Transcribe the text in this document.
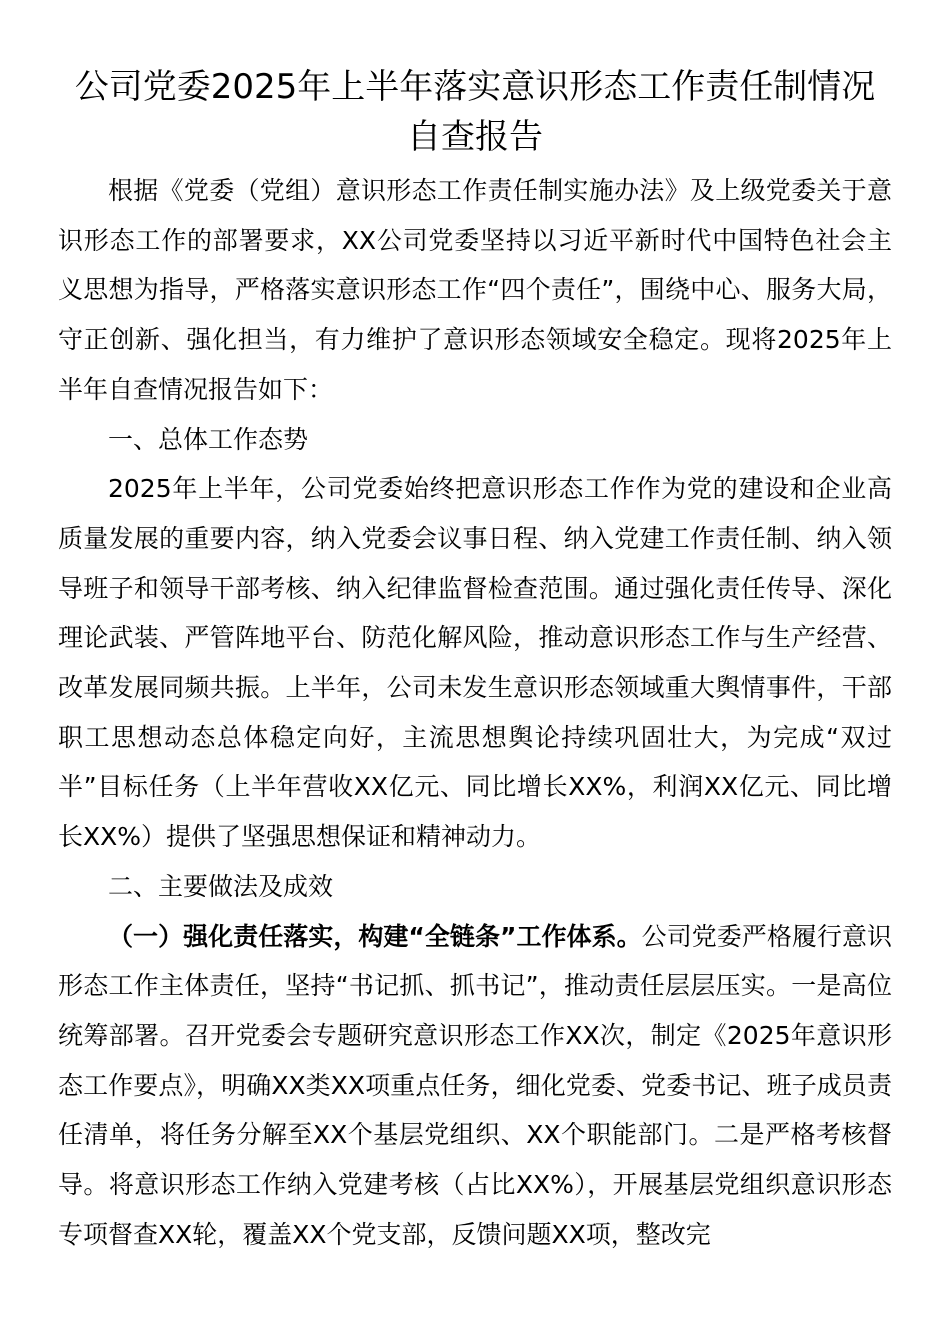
公司党委2025年上半年落实意识形态工作责任制情况自查报告

根据《党委（党组）意识形态工作责任制实施办法》及上级党委关于意识形态工作的部署要求，XX公司党委坚持以习近平新时代中国特色社会主义思想为指导，严格落实意识形态工作“四个责任”，围绕中心、服务大局，守正创新、强化担当，有力维护了意识形态领域安全稳定。现将2025年上半年自查情况报告如下：

一、总体工作态势

2025年上半年，公司党委始终把意识形态工作作为党的建设和企业高质量发展的重要内容，纳入党委会议事日程、纳入党建工作责任制、纳入领导班子和领导干部考核、纳入纪律监督检查范围。通过强化责任传导、深化理论武装、严管阵地平台、防范化解风险，推动意识形态工作与生产经营、改革发展同频共振。上半年，公司未发生意识形态领域重大舆情事件，干部职工思想动态总体稳定向好，主流思想舆论持续巩固壮大，为完成“双过半”目标任务（上半年营收XX亿元、同比增长XX%，利润XX亿元、同比增长XX%）提供了坚强思想保证和精神动力。

二、主要做法及成效

（一）强化责任落实，构建“全链条”工作体系。公司党委严格履行意识形态工作主体责任，坚持“书记抓、抓书记”，推动责任层层压实。一是高位统筹部署。召开党委会专题研究意识形态工作XX次，制定《2025年意识形态工作要点》，明确XX类XX项重点任务，细化党委、党委书记、班子成员责任清单，将任务分解至XX个基层党组织、XX个职能部门。二是严格考核督导。将意识形态工作纳入党建考核（占比XX%），开展基层党组织意识形态专项督查XX轮，覆盖XX个党支部，反馈问题XX项，整改完
